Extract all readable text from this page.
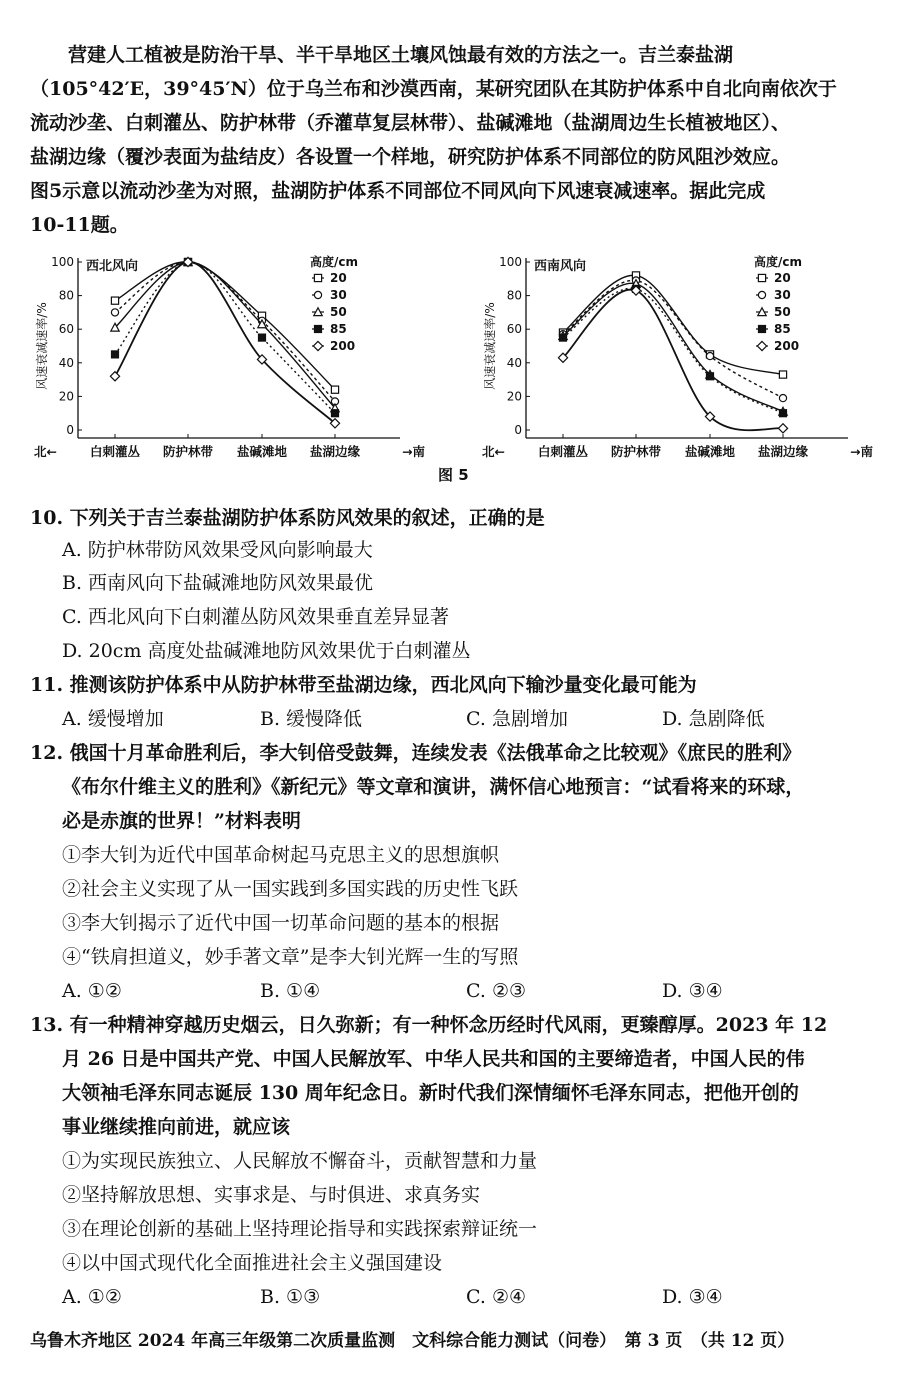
营建人工植被是防治干旱、半干旱地区土壤风蚀最有效的方法之一。吉兰泰盐湖
（105°42′E，39°45′N）位于乌兰布和沙漠西南，某研究团队在其防护体系中自北向南依次于
流动沙垄、白刺灌丛、防护林带（乔灌草复层林带）、盐碱滩地（盐湖周边生长植被地区）、
盐湖边缘（覆沙表面为盐结皮）各设置一个样地，研究防护体系不同部位的防风阻沙效应。
图5示意以流动沙垄为对照，盐湖防护体系不同部位不同风向下风速衰减速率。据此完成
10-11题。
0
20
40
60
80
100
风速衰减速率/%
西北风向
白刺灌丛 防护林带 盐碱滩地 盐湖边缘
北←	→南
高度/cm
20
30
50
85
200
0
20
40
60
80
100
风速衰减速率/%
西南风向
白刺灌丛 防护林带 盐碱滩地 盐湖边缘
北←	→南
高度/cm
20
30
50
85
200
图 5
10. 下列关于吉兰泰盐湖防护体系防风效果的叙述，正确的是
A. 防护林带防风效果受风向影响最大
B. 西南风向下盐碱滩地防风效果最优
C. 西北风向下白刺灌丛防风效果垂直差异显著
D. 20cm 高度处盐碱滩地防风效果优于白刺灌丛
11. 推测该防护体系中从防护林带至盐湖边缘，西北风向下输沙量变化最可能为
A. 缓慢增加	B. 缓慢降低	C. 急剧增加	D. 急剧降低
12. 俄国十月革命胜利后，李大钊倍受鼓舞，连续发表《法俄革命之比较观》《庶民的胜利》
《布尔什维主义的胜利》《新纪元》等文章和演讲，满怀信心地预言：“试看将来的环球，
必是赤旗的世界！”材料表明
①李大钊为近代中国革命树起马克思主义的思想旗帜
②社会主义实现了从一国实践到多国实践的历史性飞跃
③李大钊揭示了近代中国一切革命问题的基本的根据
④“铁肩担道义，妙手著文章”是李大钊光辉一生的写照
A. ①②	B. ①④	C. ②③	D. ③④
13. 有一种精神穿越历史烟云，日久弥新；有一种怀念历经时代风雨，更臻醇厚。2023 年 12
月 26 日是中国共产党、中国人民解放军、中华人民共和国的主要缔造者，中国人民的伟
大领袖毛泽东同志诞辰 130 周年纪念日。新时代我们深情缅怀毛泽东同志，把他开创的
事业继续推向前进，就应该
①为实现民族独立、人民解放不懈奋斗，贡献智慧和力量
②坚持解放思想、实事求是、与时俱进、求真务实
③在理论创新的基础上坚持理论指导和实践探索辩证统一
④以中国式现代化全面推进社会主义强国建设
A. ①②	B. ①③	C. ②④	D. ③④
乌鲁木齐地区 2024 年高三年级第二次质量监测　文科综合能力测试（问卷）　第 3 页　（共 12 页）
